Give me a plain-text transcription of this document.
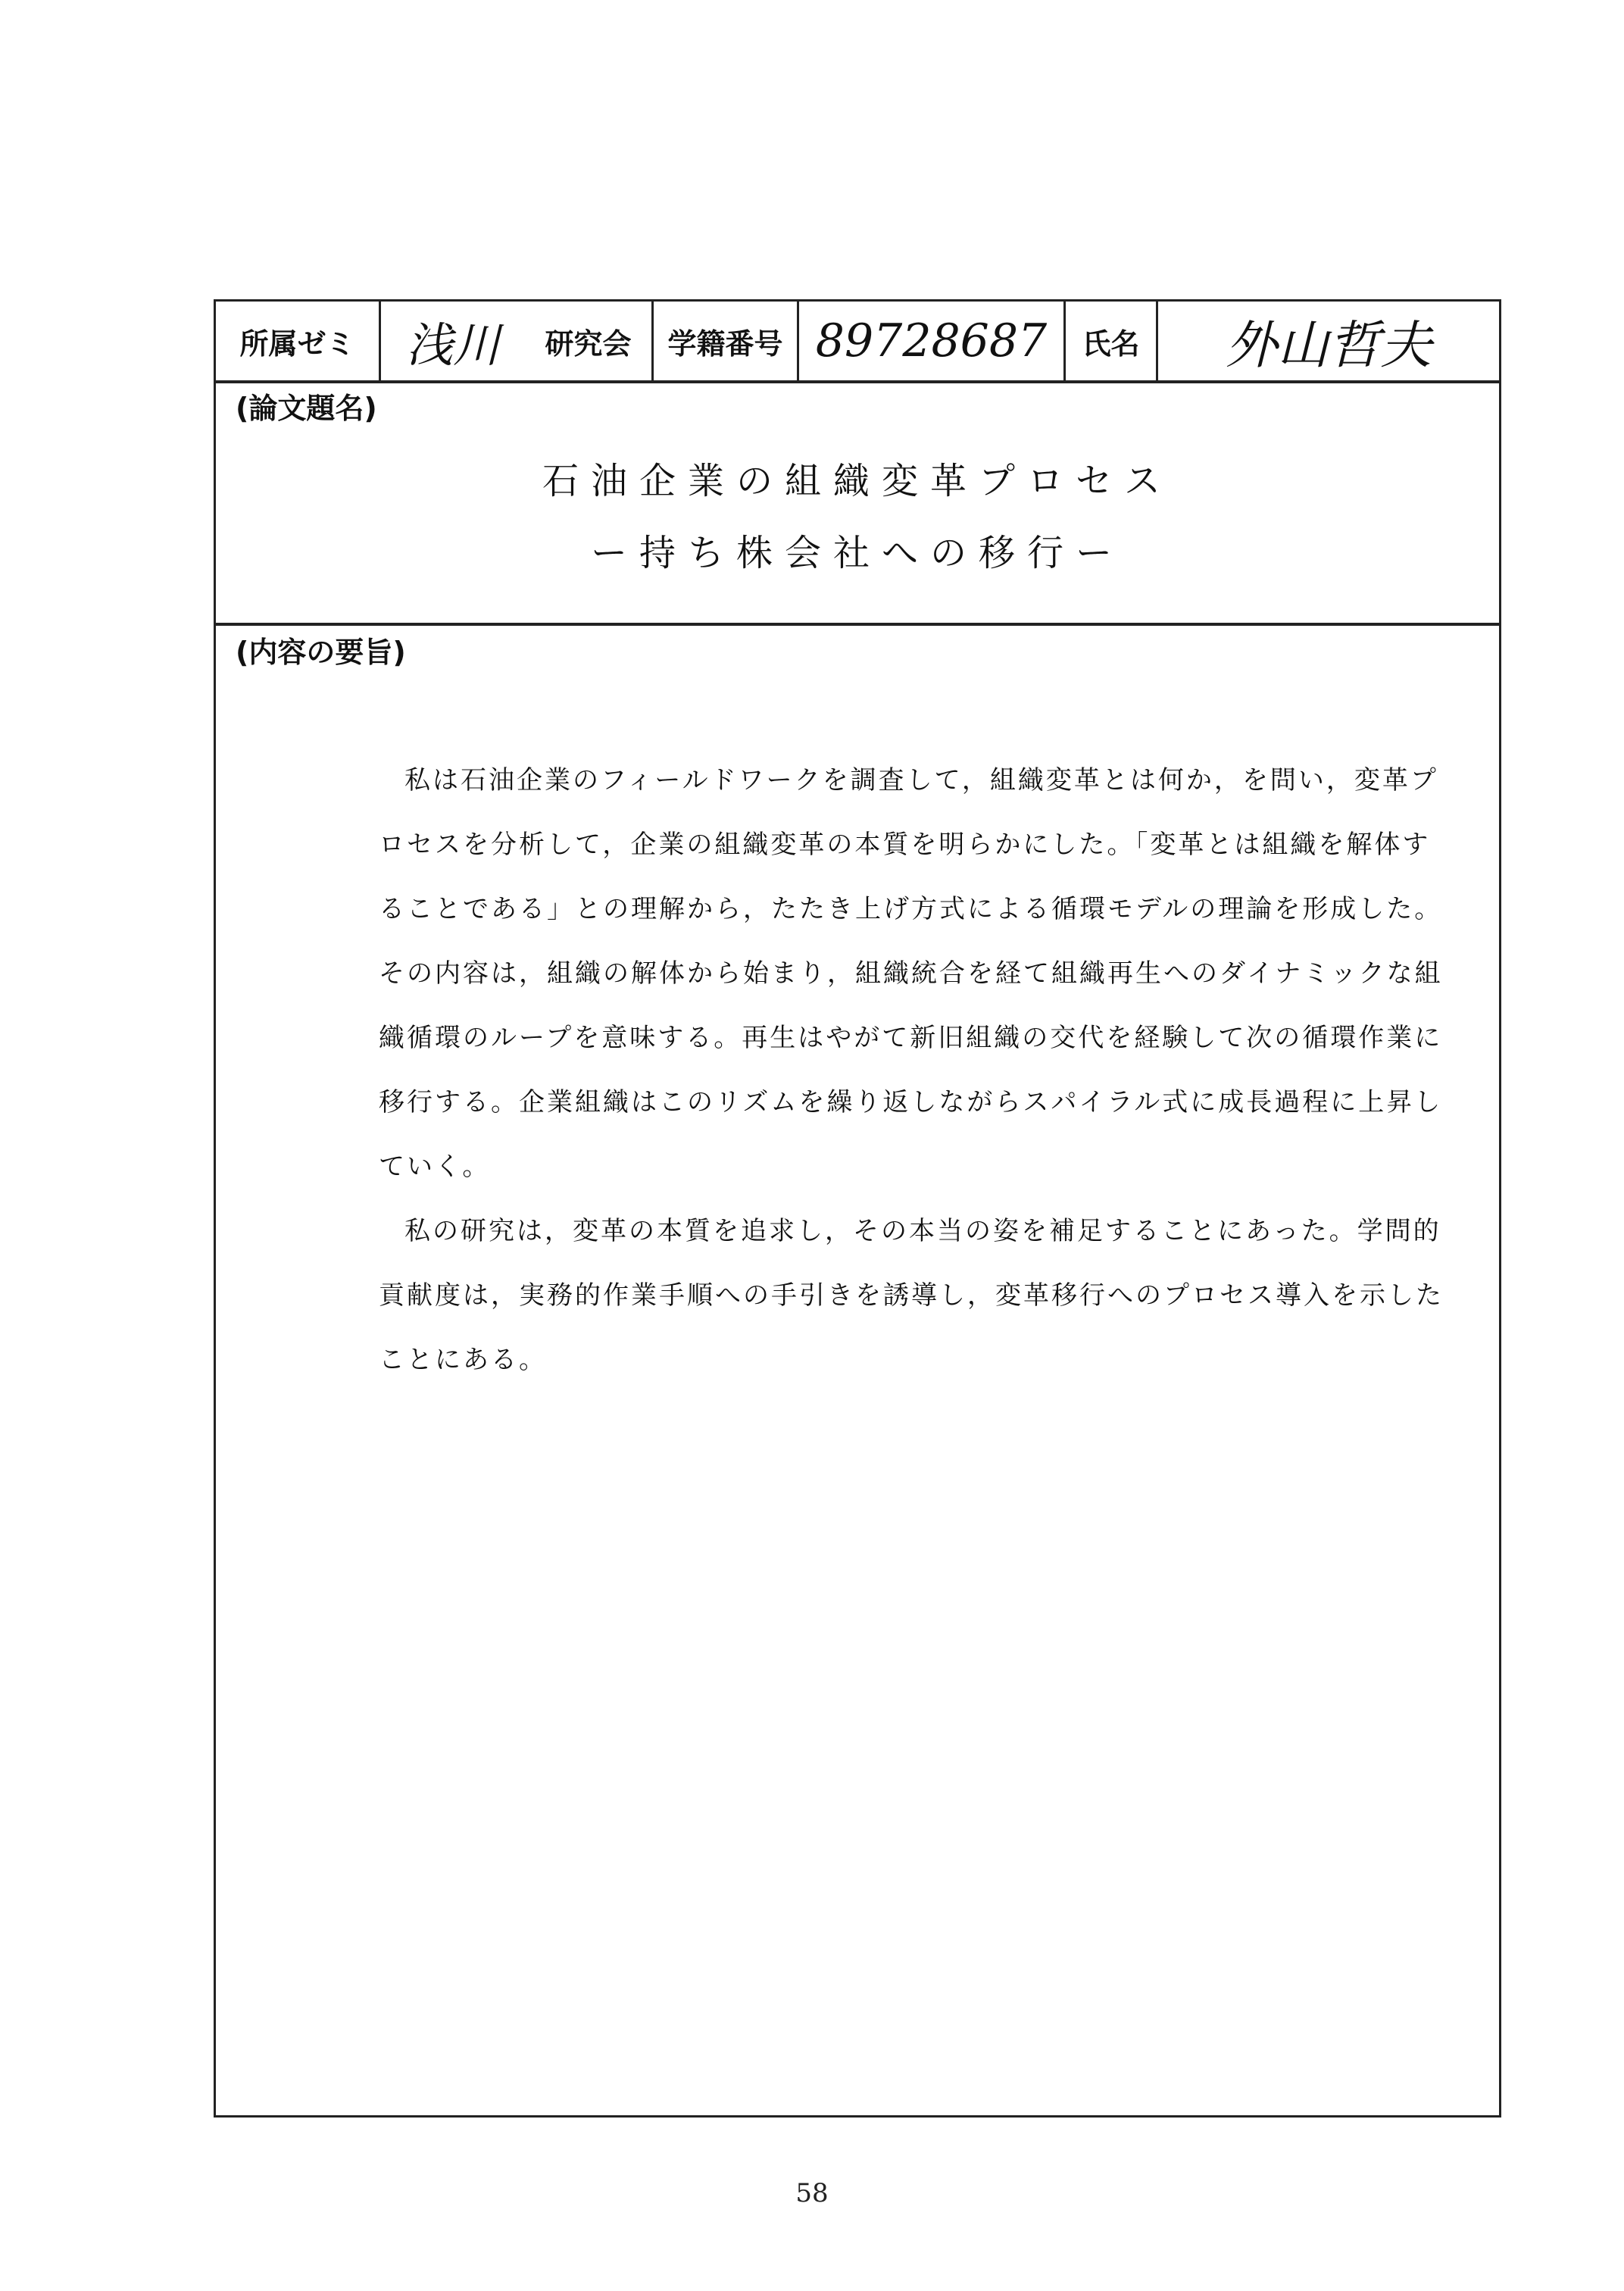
所属ゼミ	浅川	研究会	学籍番号 89728687	氏名	外山哲夫
(論文題名)
石油企業の組織変革プロセス
ー持ち株会社への移行ー
(内容の要旨)

私は石油企業のフィールドワークを調査して，組織変革とは何か，を問い，変革プロセスを分析して，企業の組織変革の本質を明らかにした。「変革とは組織を解体することである」との理解から，たたき上げ方式による循環モデルの理論を形成した。その内容は，組織の解体から始まり，組織統合を経て組織再生へのダイナミックな組織循環のループを意味する。再生はやがて新旧組織の交代を経験して次の循環作業に移行する。企業組織はこのリズムを繰り返しながらスパイラル式に成長過程に上昇していく。

私の研究は，変革の本質を追求し，その本当の姿を補足することにあった。学問的貢献度は，実務的作業手順への手引きを誘導し，変革移行へのプロセス導入を示したことにある。

58
